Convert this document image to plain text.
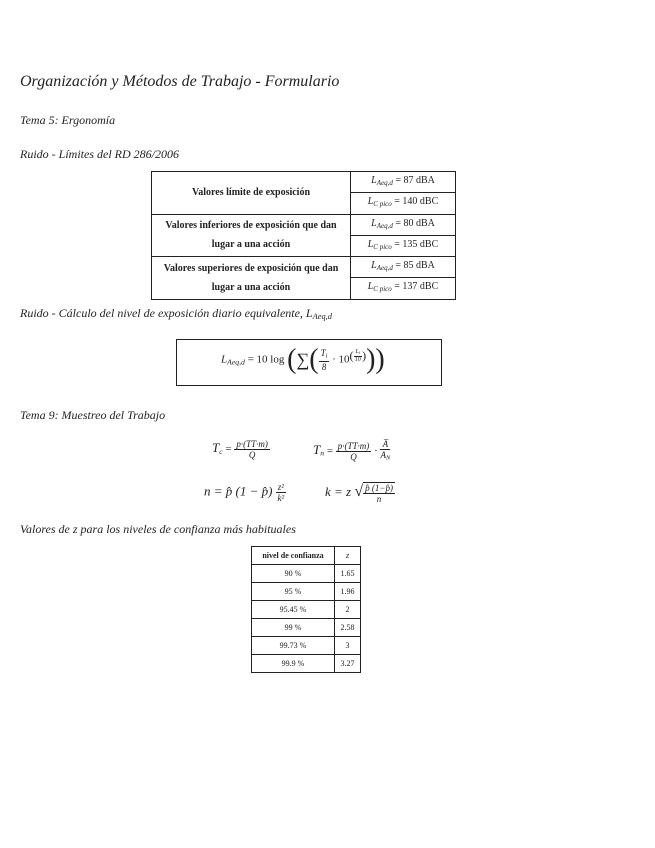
Organización y Métodos de Trabajo - Formulario
Tema 5: Ergonomía
Ruido - Límites del RD 286/2006
Valores límite de exposición	$L_{Aeq,d} = 87$ dBA
	$L_{C pico} = 140$ dBC
Valores inferiores de exposición que dan lugar a una acción	$L_{Aeq,d} = 80$ dBA
	$L_{C pico} = 135$ dBC
Valores superiores de exposición que dan lugar a una acción	$L_{Aeq,d} = 85$ dBA
	$L_{C pico} = 137$ dBC
Ruido - Cálculo del nivel de exposición diario equivalente, $L_{Aeq,d}$
$L_{Aeq,d} = 10$ log (∑( $\frac{T_i}{8} \cdot 10^{( \frac{L_i}{10} )}$))
Tema 9: Muestreo del Trabajo
$T_c = \frac{p\cdot(TT\cdot m)}{Q}$	$T_n = \frac{p\cdot(TT\cdot m)}{Q} \cdot \frac{A̅}{A_N}$
n = p̂ (1 − p̂) $\frac{\text{z²}}{\text{k²}}$	k = z √ $\frac{p̂ (1-p̂)}{n}$
Valores de z para los niveles de confianza más habituales
nivel de confianza	z
90 %	1.65
95 %	1.96
95.45 %	2
99 %	2.58
99.73 %	3
99.9 %	3.27
